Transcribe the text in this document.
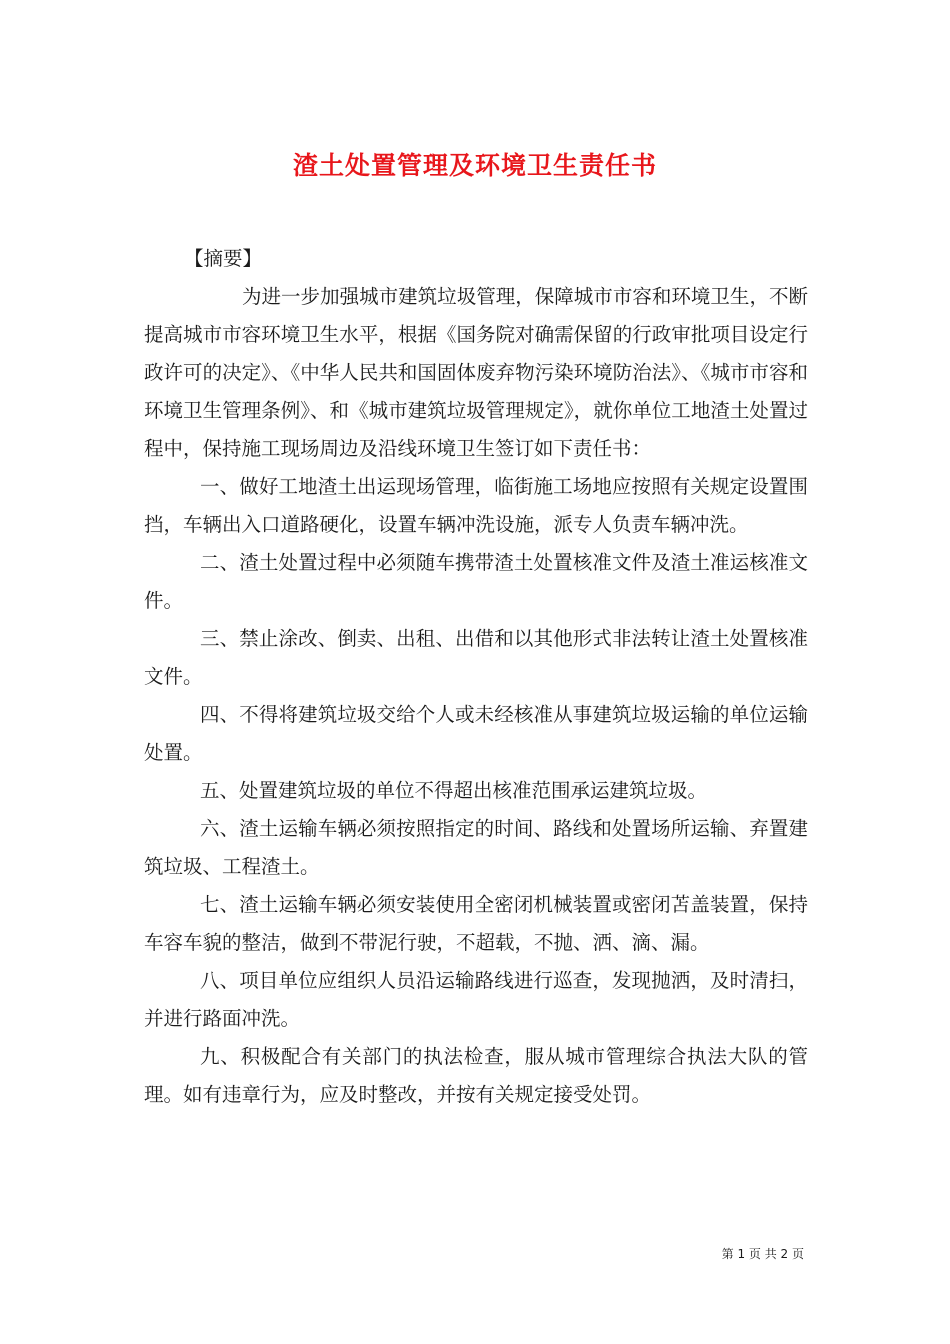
渣土处置管理及环境卫生责任书

【摘要】

为进一步加强城市建筑垃圾管理，保障城市市容和环境卫生，不断提高城市市容环境卫生水平，根据《国务院对确需保留的行政审批项目设定行政许可的决定》、《中华人民共和国固体废弃物污染环境防治法》、《城市市容和环境卫生管理条例》、和《城市建筑垃圾管理规定》，就你单位工地渣土处置过程中，保持施工现场周边及沿线环境卫生签订如下责任书：

一、做好工地渣土出运现场管理，临街施工场地应按照有关规定设置围挡，车辆出入口道路硬化，设置车辆冲洗设施，派专人负责车辆冲洗。

二、渣土处置过程中必须随车携带渣土处置核准文件及渣土准运核准文件。

三、禁止涂改、倒卖、出租、出借和以其他形式非法转让渣土处置核准文件。

四、不得将建筑垃圾交给个人或未经核准从事建筑垃圾运输的单位运输处置。

五、处置建筑垃圾的单位不得超出核准范围承运建筑垃圾。

六、渣土运输车辆必须按照指定的时间、路线和处置场所运输、弃置建筑垃圾、工程渣土。

七、渣土运输车辆必须安装使用全密闭机械装置或密闭苫盖装置，保持车容车貌的整洁，做到不带泥行驶，不超载，不抛、洒、滴、漏。

八、项目单位应组织人员沿运输路线进行巡查，发现抛洒，及时清扫，并进行路面冲洗。

九、积极配合有关部门的执法检查，服从城市管理综合执法大队的管理。如有违章行为，应及时整改，并按有关规定接受处罚。

第 1 页 共 2 页
